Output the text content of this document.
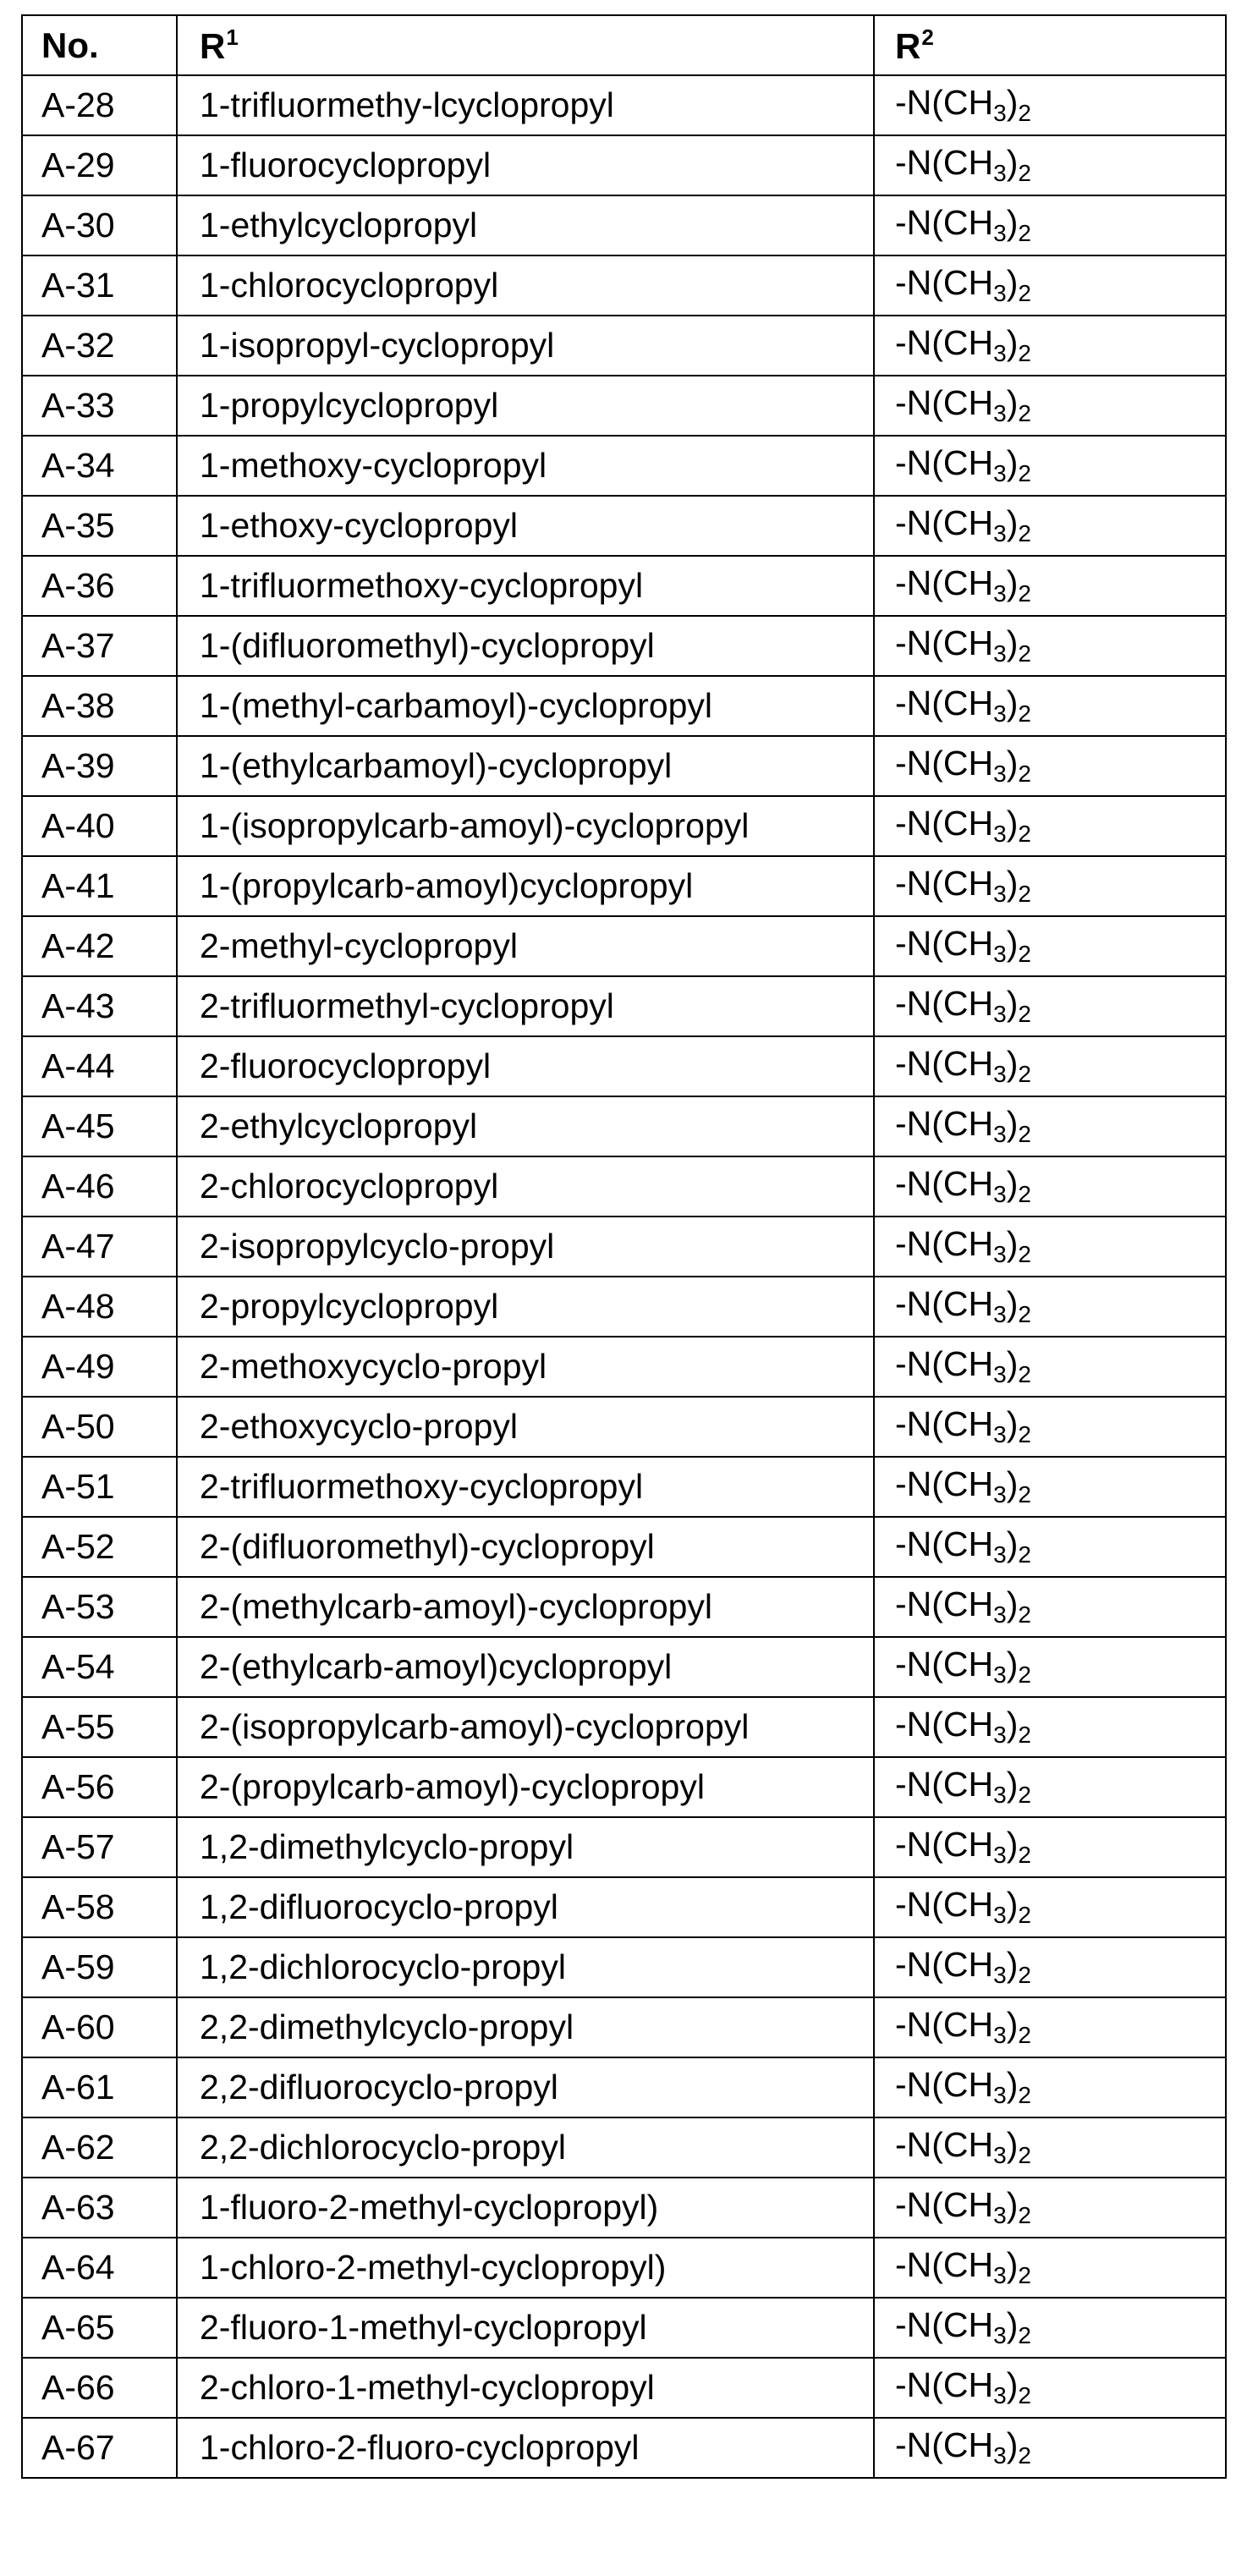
No.	$R^1$	$R^2$
A-28	1-trifluormethy-lcyclopropyl	$-N(CH_3)_2$
A-29	1-fluorocyclopropyl	$-N(CH_3)_2$
A-30	1-ethylcyclopropyl	$-N(CH_3)_2$
A-31	1-chlorocyclopropyl	$-N(CH_3)_2$
A-32	1-isopropyl-cyclopropyl	$-N(CH_3)_2$
A-33	1-propylcyclopropyl	$-N(CH_3)_2$
A-34	1-methoxy-cyclopropyl	$-N(CH_3)_2$
A-35	1-ethoxy-cyclopropyl	$-N(CH_3)_2$
A-36	1-trifluormethoxy-cyclopropyl	$-N(CH_3)_2$
A-37	1-(difluoromethyl)-cyclopropyl	$-N(CH_3)_2$
A-38	1-(methyl-carbamoyl)-cyclopropyl	$-N(CH_3)_2$
A-39	1-(ethylcarbamoyl)-cyclopropyl	$-N(CH_3)_2$
A-40	1-(isopropylcarb-amoyl)-cyclopropyl	$-N(CH_3)_2$
A-41	1-(propylcarb-amoyl)cyclopropyl	$-N(CH_3)_2$
A-42	2-methyl-cyclopropyl	$-N(CH_3)_2$
A-43	2-trifluormethyl-cyclopropyl	$-N(CH_3)_2$
A-44	2-fluorocyclopropyl	$-N(CH_3)_2$
A-45	2-ethylcyclopropyl	$-N(CH_3)_2$
A-46	2-chlorocyclopropyl	$-N(CH_3)_2$
A-47	2-isopropylcyclo-propyl	$-N(CH_3)_2$
A-48	2-propylcyclopropyl	$-N(CH_3)_2$
A-49	2-methoxycyclo-propyl	$-N(CH_3)_2$
A-50	2-ethoxycyclo-propyl	$-N(CH_3)_2$
A-51	2-trifluormethoxy-cyclopropyl	$-N(CH_3)_2$
A-52	2-(difluoromethyl)-cyclopropyl	$-N(CH_3)_2$
A-53	2-(methylcarb-amoyl)-cyclopropyl	$-N(CH_3)_2$
A-54	2-(ethylcarb-amoyl)cyclopropyl	$-N(CH_3)_2$
A-55	2-(isopropylcarb-amoyl)-cyclopropyl	$-N(CH_3)_2$
A-56	2-(propylcarb-amoyl)-cyclopropyl	$-N(CH_3)_2$
A-57	1,2-dimethylcyclo-propyl	$-N(CH_3)_2$
A-58	1,2-difluorocyclo-propyl	$-N(CH_3)_2$
A-59	1,2-dichlorocyclo-propyl	$-N(CH_3)_2$
A-60	2,2-dimethylcyclo-propyl	$-N(CH_3)_2$
A-61	2,2-difluorocyclo-propyl	$-N(CH_3)_2$
A-62	2,2-dichlorocyclo-propyl	$-N(CH_3)_2$
A-63	1-fluoro-2-methyl-cyclopropyl)	$-N(CH_3)_2$
A-64	1-chloro-2-methyl-cyclopropyl)	$-N(CH_3)_2$
A-65	2-fluoro-1-methyl-cyclopropyl	$-N(CH_3)_2$
A-66	2-chloro-1-methyl-cyclopropyl	$-N(CH_3)_2$
A-67	1-chloro-2-fluoro-cyclopropyl	$-N(CH_3)_2$
